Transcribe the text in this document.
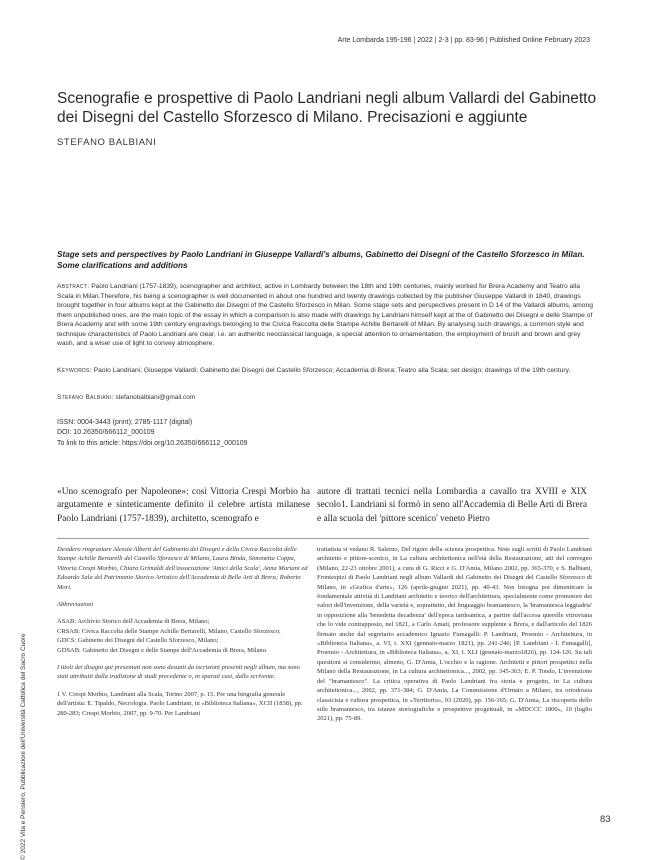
Arte Lombarda 195-196 | 2022 | 2-3 | pp. 83-96 | Published Online February 2023
Scenografie e prospettive di Paolo Landriani negli album Vallardi del Gabinetto dei Disegni del Castello Sforzesco di Milano. Precisazioni e aggiunte
STEFANO BALBIANI
Stage sets and perspectives by Paolo Landriani in Giuseppe Vallardi's albums, Gabinetto dei Disegni of the Castello Sforzesco in Milan. Some clarifications and additions
Abstract: Paolo Landriani (1757-1839), scenographer and architect, active in Lombardy between the 18th and 19th centuries, mainly worked for Brera Academy and Teatro alla Scala in Milan.Therefore, his being a scenographer is well documented in about one hundred and twenty drawings collected by the publisher Giuseppe Vallardi in 1840, drawings brought together in four albums kept at the Gabinetto dei Disegni of the Castello Sforzesco in Milan. Some stage sets and perspectives present in D 14 of the Vallardi albums, among them unpublished ones, are the main topic of the essay in which a comparison is also made with drawings by Landriani himself kept at the of Gabinetto dei Disegni e delle Stampe of Brera Academy and with some 19th century engravings belonging to the Civica Raccolta delle Stampe Achille Bertarelli of Milan. By analysing such drawings, a common style and technique characteristics of Paolo Landriani are clear, i.e. an authentic neoclassical language, a special attention to ornamentation, the employment of brush and brown and grey wash, and a wiser use of light to convey atmosphere.
Keywords: Paolo Landriani; Giuseppe Vallardi; Gabinetto dei Disegni del Castello Sforzesco; Accademia di Brera; Teatro alla Scala; set design; drawings of the 19th century.
Stefano Balbiani: stefanobalbiani@gmail.com
ISSN: 0004-3443 (print); 2785-1117 (digital)
DOI: 10.26350/666112_000109
To link to this article: https://doi.org/10.26350/666112_000109
«Uno scenografo per Napoleone»: così Vittoria Crespi Morbio ha argutamente e sinteticamente definito il celebre artista milanese Paolo Landriani (1757-1839), architetto, scenografo e
autore di trattati tecnici nella Lombardia a cavallo tra XVIII e XIX secolo1. Landriani si formò in seno all'Accademia di Belle Arti di Brera e alla scuola del 'pittore scenico' veneto Pietro

Desidero ringraziare Alessia Alberti del Gabinetto dei Disegni e della Civica Raccolta delle Stampe Achille Bertarelli del Castello Sforzesco di Milano, Laura Binda, Simonetta Coppa, Vittoria Crespi Morbio, Chiara Grimaldi dell'associazione 'Amici della Scala', Anna Mariani ed Edoardo Sala del Patrimonio Storico Artistico dell'Accademia di Belle Arti di Brera; Roberto Mori.

Abbreviazioni

ASAB: Archivio Storico dell'Accademia di Brera, Milano;

CRSAB: Civica Raccolta delle Stampe Achille Bertarelli, Milano, Castello Sforzesco;

GDCS: Gabinetto dei Disegni del Castello Sforzesco, Milano;

GDSAB: Gabinetto dei Disegni e delle Stampe dell'Accademia di Brera, Milano.

I titoli dei disegni qui presentati non sono desunti da iscrizioni presenti negli album, ma sono stati attribuiti dalla tradizione di studi precedente o, in sparuti casi, dallo scrivente.

1 V. Crespi Morbio, Landriani alla Scala, Torino 2007, p. 15. Per una biografia generale dell'artista: E. Tipaldo, Necrologia. Paolo Landriani, in «Biblioteca Italiana», XCII (1838), pp. 280-283; Crespi Morbio, 2007, pp. 9-70. Per Landriani

trattatista si vedano R. Salerno, Del rigore della scienza prospettica. Note sugli scritti di Paolo Landriani architetto e pittore-scenico, in La cultura architettonica nell'età della Restaurazione, atti del convegno (Milano, 22-23 ottobre 2001), a cura di G. Ricci e G. D'Amia, Milano 2002, pp. 365-370, e S. Balbiani, Frontespizi di Paolo Landriani negli album Vallardi del Gabinetto dei Disegni del Castello Sforzesco di Milano, in «Grafica d'arte», 126 (aprile-giugno 2021), pp. 40-43. Non bisogna poi dimenticare la fondamentale attività di Landriani architetto e teorico dell'architettura, specialmente come promotore dei valori dell'invenzione, della varietà e, soprattutto, del linguaggio bramantesco, la 'bramantesca leggiadria' in opposizione alla 'benedetta decadenza' dell'epoca tardoantica, a partire dall'accesa querelle vitruviana che lo vide contrapposto, nel 1821, a Carlo Amati, professore supplente a Brera, e dall'articolo del 1826 firmato anche dal segretario accademico Ignazio Fumagalli: P. Landriani, Proemio - Architettura, in «Biblioteca Italiana», a. VI, t. XXI (gennaio-marzo 1821), pp. 241-246; [P. Landriani - I. Fumagalli], Proemio - Architettura, in «Biblioteca Italiana», a. XI, t. XLI (gennaio-marzo1826), pp. 124-126. Su tali questioni si considerino, almeno, G. D'Amia, L'occhio e la ragione. Architetti e pittori prospettici nella Milano della Restaurazione, in La cultura architettonica..., 2002, pp. 345-363; E. P. Tondo, L'invenzione del "bramantesco". La critica operativa di Paolo Landriani fra storia e progetto, in La cultura architettonica..., 2002, pp. 371-384; G. D'Amia, La Commissione d'Ornato a Milano, tra ortodossia classicista e cultura prospettica, in «Territorio», 93 (2020), pp. 156-165; G. D'Amia, La riscoperta dello stile bramantesco, tra istanze storiografiche e prospettive progettuali, in «MDCCC 1800», 10 (luglio 2021), pp. 75-89.
© 2022 Vita e Pensiero, Pubblicazioni dell'Università Cattolica del Sacro Cuore	83
